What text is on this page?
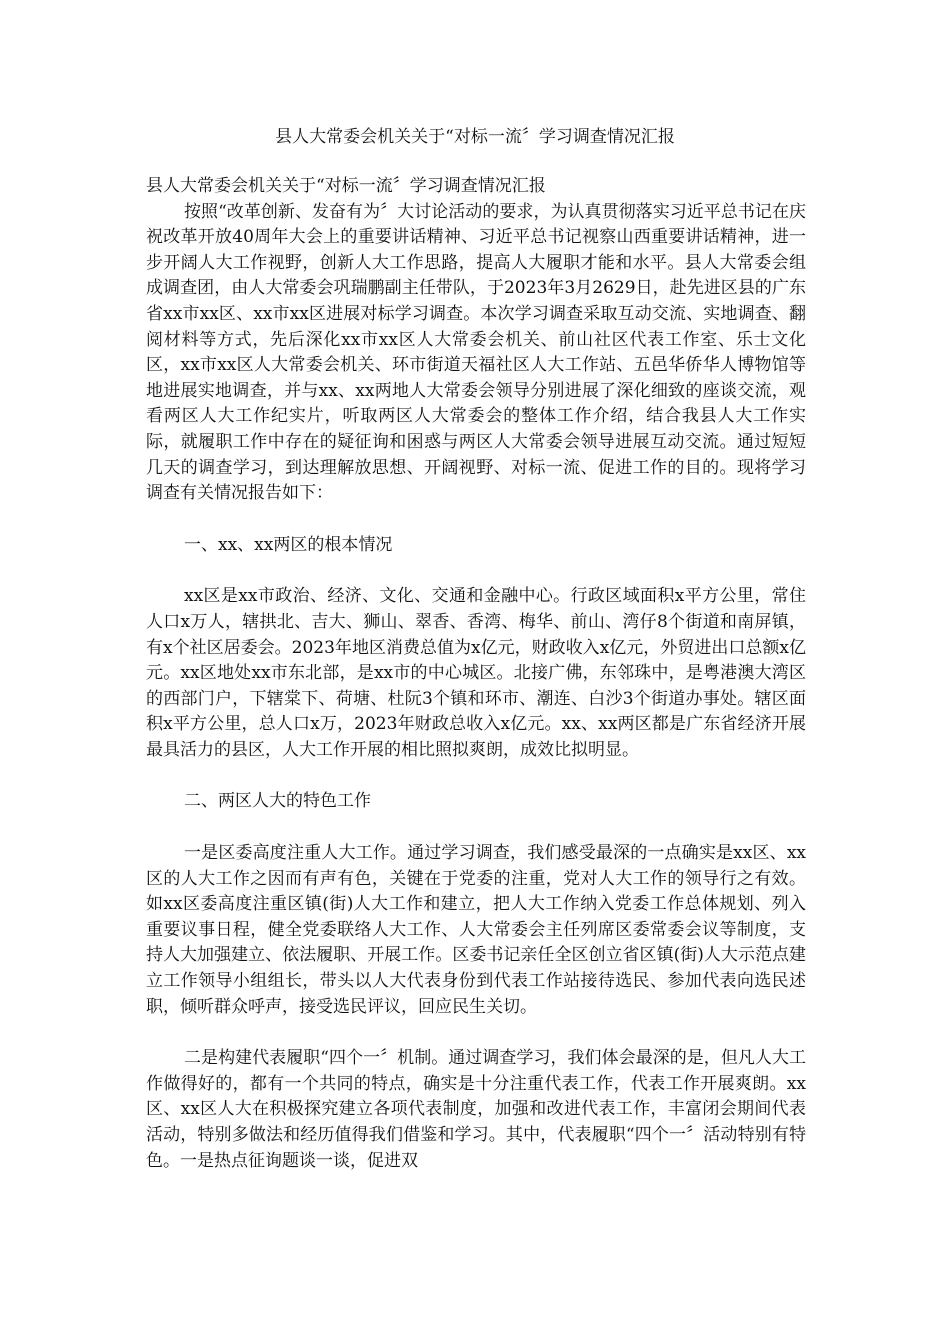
县人大常委会机关关于“对标一流〞学习调查情况汇报

县人大常委会机关关于“对标一流〞学习调查情况汇报

按照“改革创新、发奋有为〞大讨论活动的要求，为认真贯彻落实习近平总书记在庆祝改革开放40周年大会上的重要讲话精神、习近平总书记视察山西重要讲话精神，进一步开阔人大工作视野，创新人大工作思路，提高人大履职才能和水平。县人大常委会组成调查团，由人大常委会巩瑞鹏副主任带队，于2023年3月2629日，赴先进区县的广东省xx市xx区、xx市xx区进展对标学习调查。本次学习调查采取互动交流、实地调查、翻阅材料等方式，先后深化xx市xx区人大常委会机关、前山社区代表工作室、乐士文化区，xx市xx区人大常委会机关、环市街道天福社区人大工作站、五邑华侨华人博物馆等地进展实地调查，并与xx、xx两地人大常委会领导分别进展了深化细致的座谈交流，观看两区人大工作纪实片，听取两区人大常委会的整体工作介绍，结合我县人大工作实际，就履职工作中存在的疑征询和困惑与两区人大常委会领导进展互动交流。通过短短几天的调查学习，到达理解放思想、开阔视野、对标一流、促进工作的目的。现将学习调查有关情况报告如下：

一、xx、xx两区的根本情况

xx区是xx市政治、经济、文化、交通和金融中心。行政区域面积x平方公里，常住人口x万人，辖拱北、吉大、狮山、翠香、香湾、梅华、前山、湾仔8个街道和南屏镇，有x个社区居委会。2023年地区消费总值为x亿元，财政收入x亿元，外贸进出口总额x亿元。xx区地处xx市东北部，是xx市的中心城区。北接广佛，东邻珠中，是粤港澳大湾区的西部门户，下辖棠下、荷塘、杜阮3个镇和环市、潮连、白沙3个街道办事处。辖区面积x平方公里，总人口x万，2023年财政总收入x亿元。xx、xx两区都是广东省经济开展最具活力的县区，人大工作开展的相比照拟爽朗，成效比拟明显。

二、两区人大的特色工作

一是区委高度注重人大工作。通过学习调查，我们感受最深的一点确实是xx区、xx区的人大工作之因而有声有色，关键在于党委的注重，党对人大工作的领导行之有效。如xx区委高度注重区镇(街)人大工作和建立，把人大工作纳入党委工作总体规划、列入重要议事日程，健全党委联络人大工作、人大常委会主任列席区委常委会议等制度，支持人大加强建立、依法履职、开展工作。区委书记亲任全区创立省区镇(街)人大示范点建立工作领导小组组长，带头以人大代表身份到代表工作站接待选民、参加代表向选民述职，倾听群众呼声，接受选民评议，回应民生关切。

二是构建代表履职“四个一〞机制。通过调查学习，我们体会最深的是，但凡人大工作做得好的，都有一个共同的特点，确实是十分注重代表工作，代表工作开展爽朗。xx区、xx区人大在积极探究建立各项代表制度，加强和改进代表工作，丰富闭会期间代表活动，特别多做法和经历值得我们借鉴和学习。其中，代表履职“四个一〞活动特别有特色。一是热点征询题谈一谈，促进双
